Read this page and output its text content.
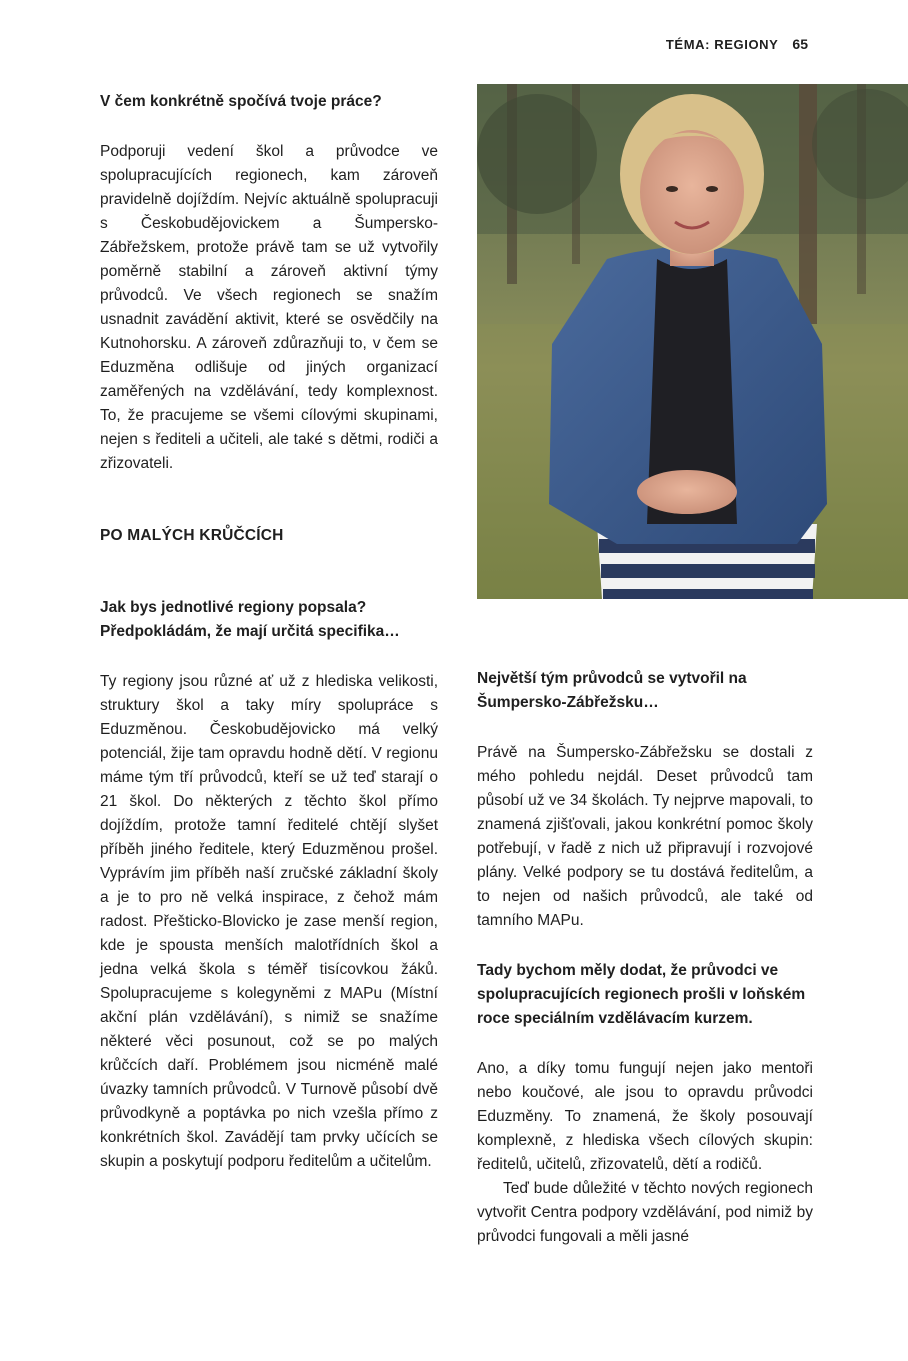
TÉMA: REGIONY 65
V čem konkrétně spočívá tvoje práce?

Podporuji vedení škol a průvodce ve spolupracujících regionech, kam zároveň pravidelně dojíždím. Nejvíc aktuálně spolupracuji s Českobudějovickem a Šumpersko-Zábřežskem, protože právě tam se už vytvořily poměrně stabilní a zároveň aktivní týmy průvodců. Ve všech regionech se snažím usnadnit zavádění aktivit, které se osvědčily na Kutnohorsku. A zároveň zdůrazňuji to, v čem se Eduzměna odlišuje od jiných organizací zaměřených na vzdělávání, tedy komplexnost. To, že pracujeme se všemi cílovými skupinami, nejen s řediteli a učiteli, ale také s dětmi, rodiči a zřizovateli.

PO MALÝCH KRŮČCÍCH
Jak bys jednotlivé regiony popsala? Předpokládám, že mají určitá specifika…

Ty regiony jsou různé ať už z hlediska velikosti, struktury škol a taky míry spolupráce s Eduzměnou. Českobudějovicko má velký potenciál, žije tam opravdu hodně dětí. V regionu máme tým tří průvodců, kteří se už teď starají o 21 škol. Do některých z těchto škol přímo dojíždím, protože tamní ředitelé chtějí slyšet příběh jiného ředitele, který Eduzměnou prošel. Vyprávím jim příběh naší zručské základní školy a je to pro ně velká inspirace, z čehož mám radost. Přešticko-Blovicko je zase menší region, kde je spousta menších malotřídních škol a jedna velká škola s téměř tisícovkou žáků. Spolupracujeme s kolegyněmi z MAPu (Místní akční plán vzdělávání), s nimiž se snažíme některé věci posunout, což se po malých krůčcích daří. Problémem jsou nicméně malé úvazky tamních průvodců. V Turnově působí dvě průvodkyně a poptávka po nich vzešla přímo z konkrétních škol. Zavádějí tam prvky učících se skupin a poskytují podporu ředitelům a učitelům.

Největší tým průvodců se vytvořil na Šumpersko-Zábřežsku…

Právě na Šumpersko-Zábřežsku se dostali z mého pohledu nejdál. Deset průvodců tam působí už ve 34 školách. Ty nejprve mapovali, to znamená zjišťovali, jakou konkrétní pomoc školy potřebují, v řadě z nich už připravují i rozvojové plány. Velké podpory se tu dostává ředitelům, a to nejen od našich průvodců, ale také od tamního MAPu.

Tady bychom měly dodat, že průvodci ve spolupracujících regionech prošli v loňském roce speciálním vzdělávacím kurzem.

Ano, a díky tomu fungují nejen jako mentoři nebo koučové, ale jsou to opravdu průvodci Eduzměny. To znamená, že školy posouvají komplexně, z hlediska všech cílových skupin: ředitelů, učitelů, zřizovatelů, dětí a rodičů.

Teď bude důležité v těchto nových regionech vytvořit Centra podpory vzdělávání, pod nimiž by průvodci fungovali a měli jasné
